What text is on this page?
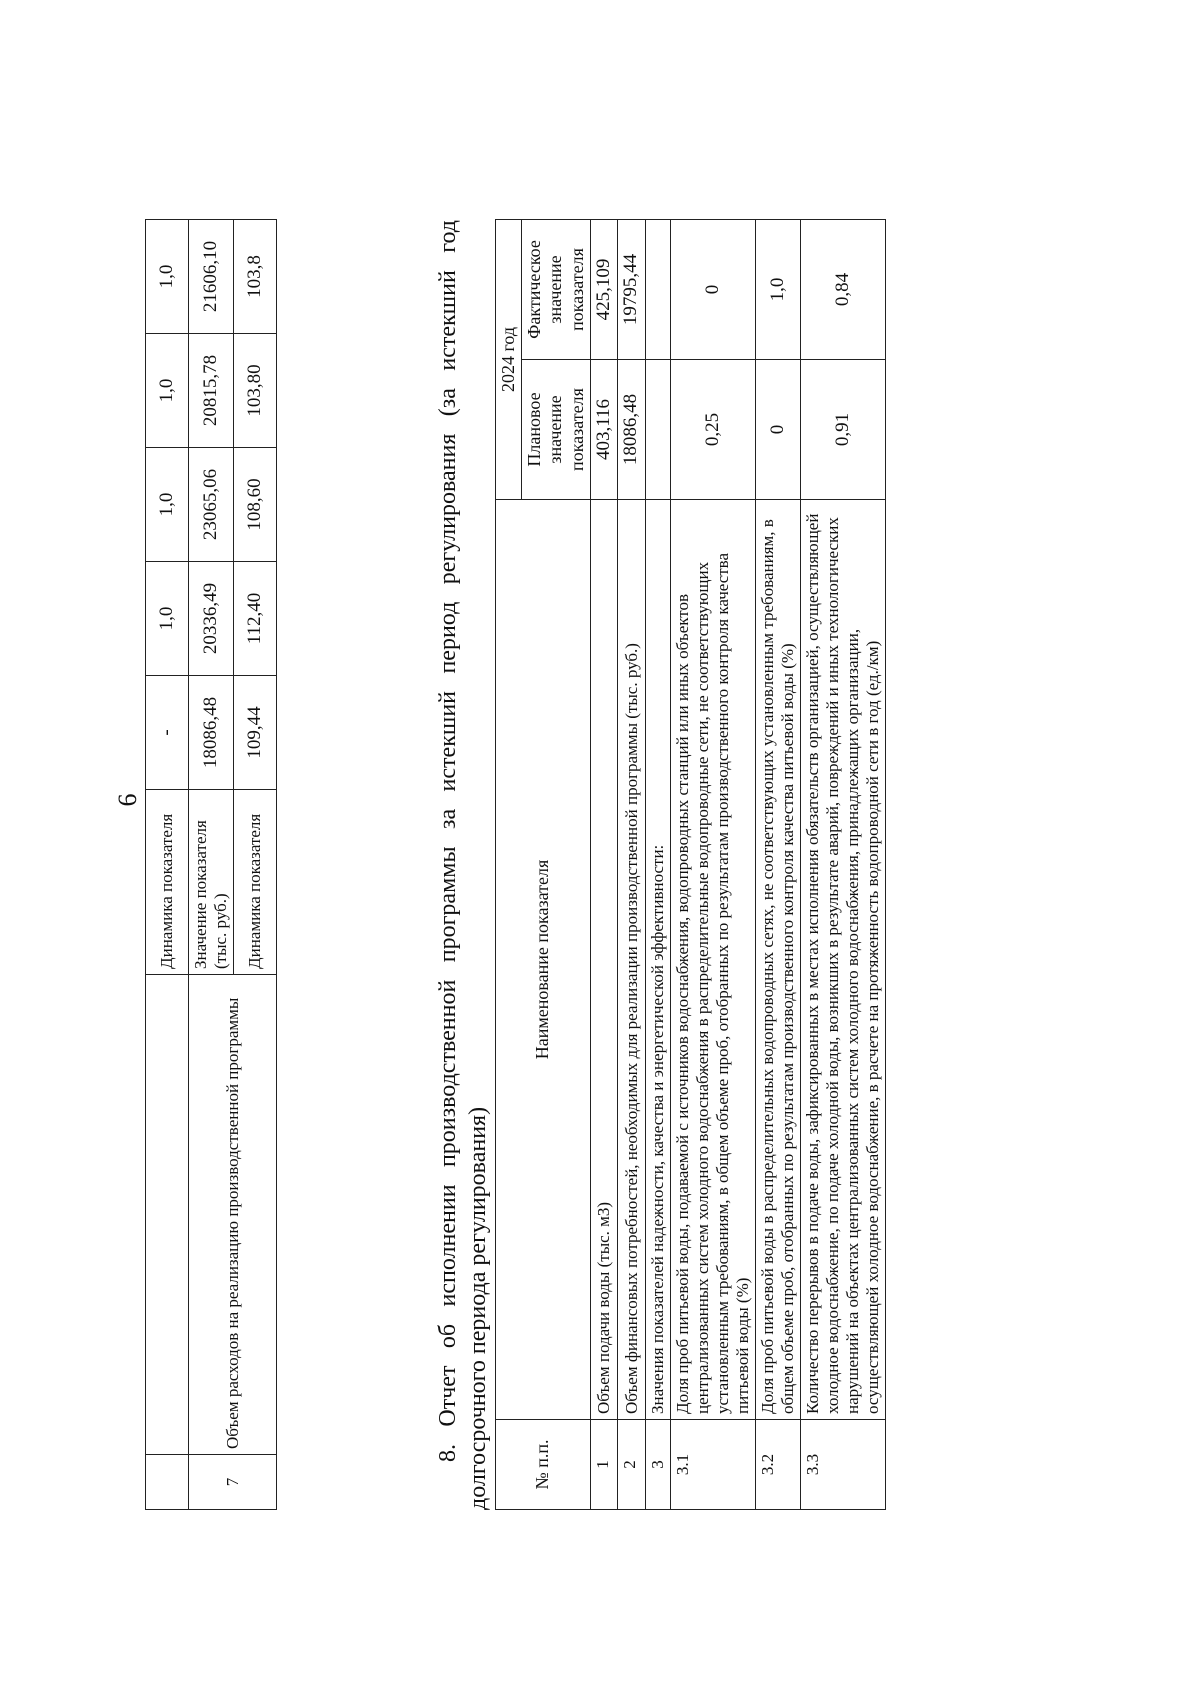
6
		Динамика показателя	-	1,0	1,0	1,0	1,0
7	Объем расходов на реализацию производственной программы	Значение показателя (тыс. руб.)	18086,48	20336,49	23065,06	20815,78	21606,10
		Динамика показателя	109,44	112,40	108,60	103,80	103,8
8. Отчет об исполнении производственной программы за истекший период регулирования (за истекший год долгосрочного периода регулирования) № п.п.	Наименование показателя	2024 год	
		Плановое значение показателя	Фактическое значение показателя
1	Объем подачи воды (тыс. м3)	403,116	425,109
2	Объем финансовых потребностей, необходимых для реализации производственной программы (тыс. руб.)	18086,48	19795,44
3	Значения показателей надежности, качества и энергетической эффективности:		
3.1	Доля проб питьевой воды, подаваемой с источников водоснабжения, водопроводных станций или иных объектов централизованных систем холодного водоснабжения в распределительные водопроводные сети, не соответствующих установленным требованиям, в общем объеме проб, отобранных по результатам производственного контроля качества питьевой воды (%)	0,25	0
3.2	Доля проб питьевой воды в распределительных водопроводных сетях, не соответствующих установленным требованиям, в общем объеме проб, отобранных по результатам производственного контроля качества питьевой воды (%)	0	1,0
3.3	Количество перерывов в подаче воды, зафиксированных в местах исполнения обязательств организацией, осуществляющей холодное водоснабжение, по подаче холодной воды, возникших в результате аварий, повреждений и иных технологических нарушений на объектах централизованных систем холодного водоснабжения, принадлежащих организации, осуществляющей холодное водоснабжение, в расчете на протяженность водопроводной сети в год (ед./км)	0,91	0,84
